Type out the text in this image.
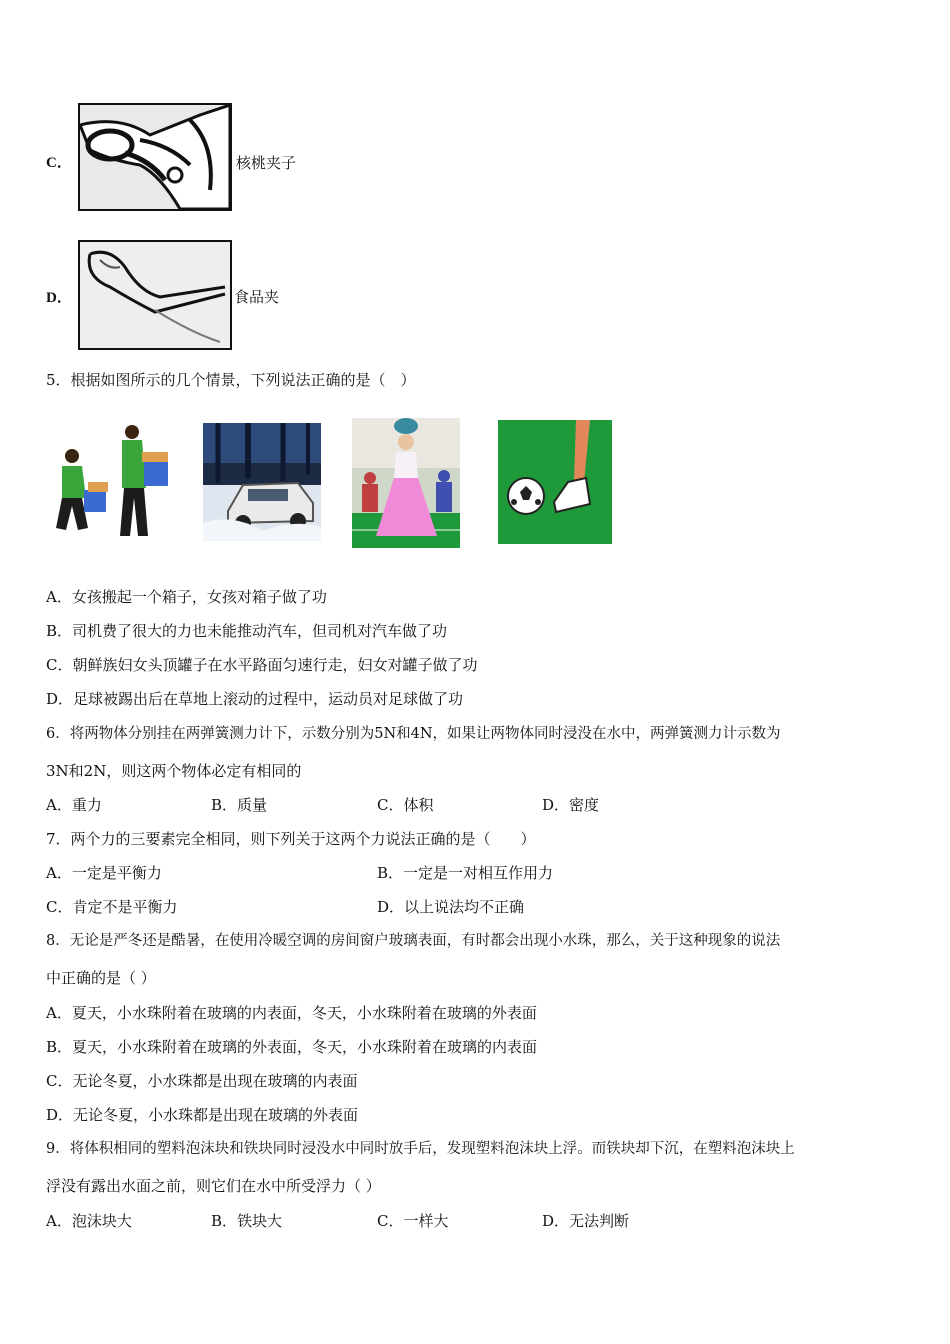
C．	核桃夹子
D．	食品夹
5．根据如图所示的几个情景，下列说法正确的是（　）
A．女孩搬起一个箱子，女孩对箱子做了功
B．司机费了很大的力也未能推动汽车，但司机对汽车做了功
C．朝鲜族妇女头顶罐子在水平路面匀速行走，妇女对罐子做了功
D．足球被踢出后在草地上滚动的过程中，运动员对足球做了功
6．将两物体分别挂在两弹簧测力计下，示数分别为5N和4N，如果让两物体同时浸没在水中，两弹簧测力计示数为
3N和2N，则这两个物体必定有相同的
A．重力	B．质量	C．体积	D．密度
7．两个力的三要素完全相同，则下列关于这两个力说法正确的是（　　）
A．一定是平衡力	B．一定是一对相互作用力
C．肯定不是平衡力	D．以上说法均不正确
8．无论是严冬还是酷暑，在使用冷暖空调的房间窗户玻璃表面，有时都会出现小水珠，那么，关于这种现象的说法
中正确的是（ ）
A．夏天，小水珠附着在玻璃的内表面，冬天，小水珠附着在玻璃的外表面
B．夏天，小水珠附着在玻璃的外表面，冬天，小水珠附着在玻璃的内表面
C．无论冬夏，小水珠都是出现在玻璃的内表面
D．无论冬夏，小水珠都是出现在玻璃的外表面
9．将体积相同的塑料泡沫块和铁块同时浸没水中同时放手后，发现塑料泡沫块上浮。而铁块却下沉，在塑料泡沫块上
浮没有露出水面之前，则它们在水中所受浮力（ ）
A．泡沫块大	B．铁块大	C．一样大	D．无法判断
